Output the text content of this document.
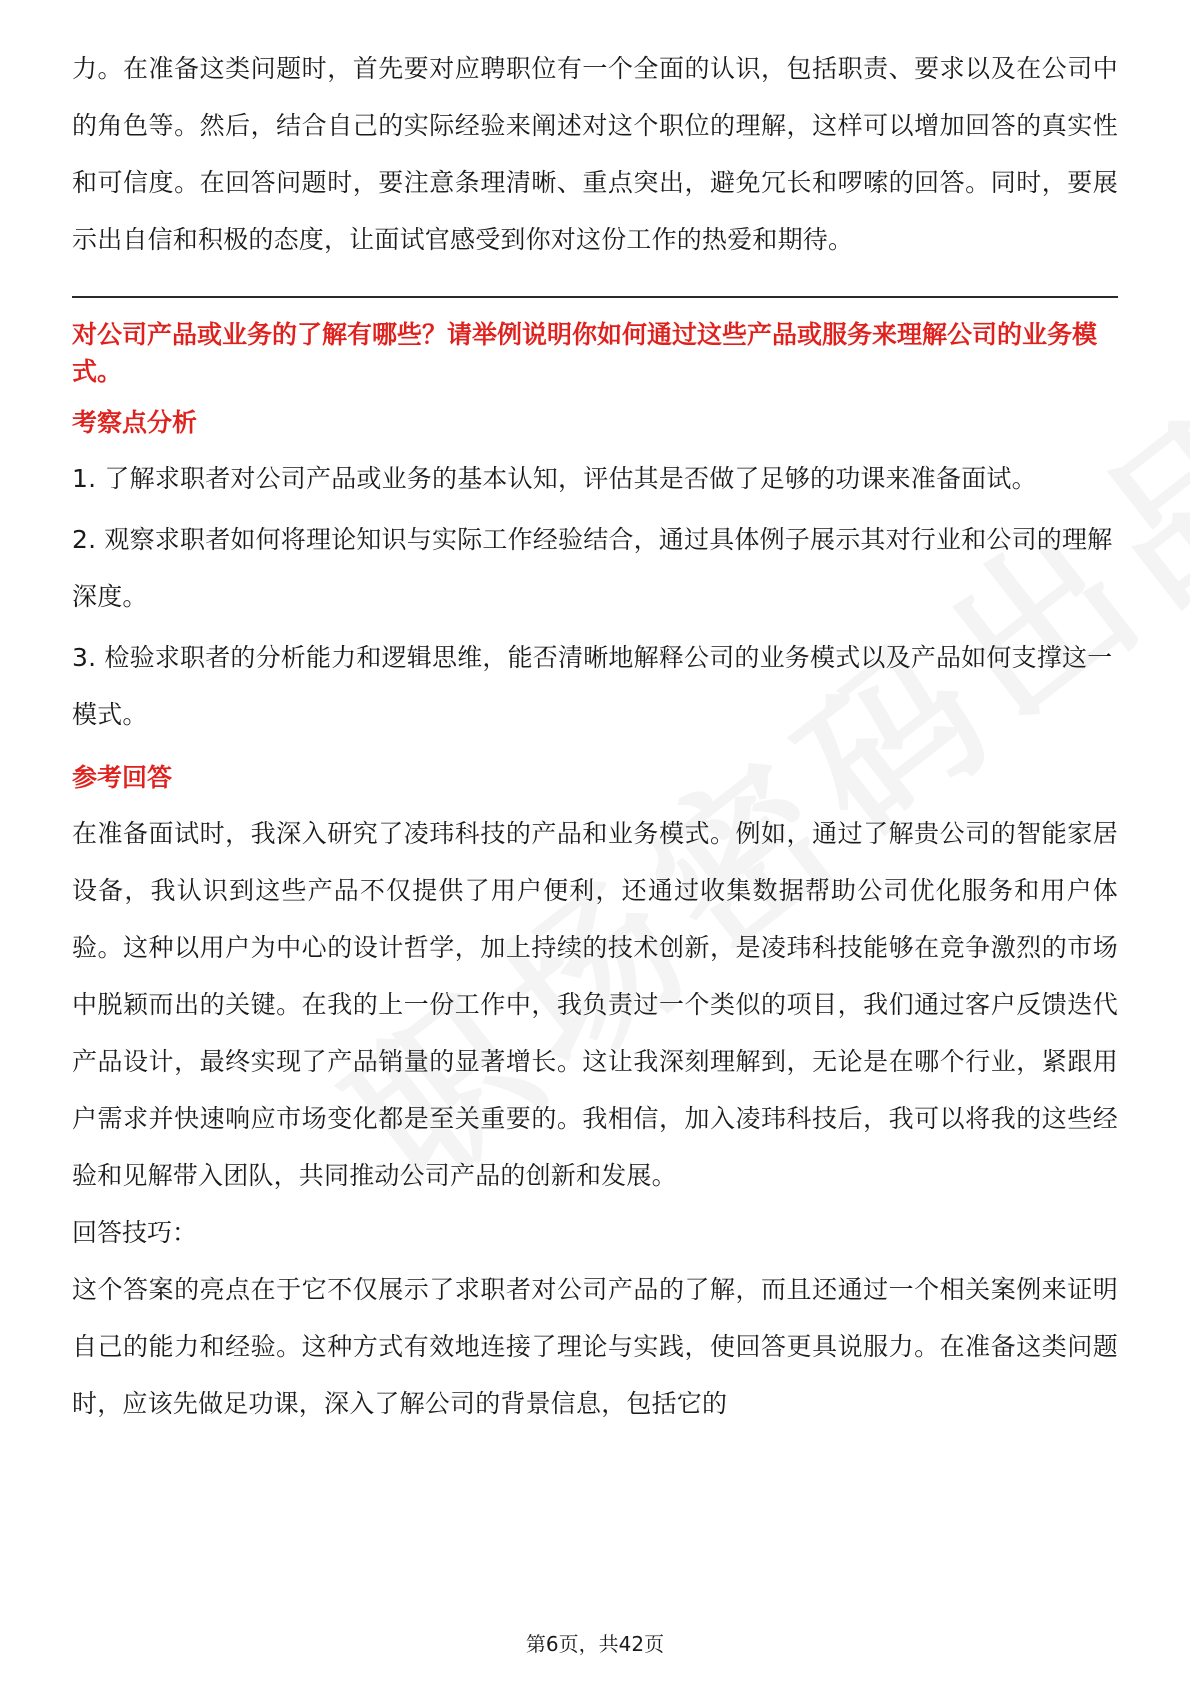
力。在准备这类问题时，首先要对应聘职位有一个全面的认识，包括职责、要求以及在公司中的角色等。然后，结合自己的实际经验来阐述对这个职位的理解，这样可以增加回答的真实性和可信度。在回答问题时，要注意条理清晰、重点突出，避免冗长和啰嗦的回答。同时，要展示出自信和积极的态度，让面试官感受到你对这份工作的热爱和期待。

对公司产品或业务的了解有哪些？请举例说明你如何通过这些产品或服务来理解公司的业务模式。

考察点分析

1. 了解求职者对公司产品或业务的基本认知，评估其是否做了足够的功课来准备面试。

2. 观察求职者如何将理论知识与实际工作经验结合，通过具体例子展示其对行业和公司的理解深度。

3. 检验求职者的分析能力和逻辑思维，能否清晰地解释公司的业务模式以及产品如何支撑这一模式。

参考回答

在准备面试时，我深入研究了凌玮科技的产品和业务模式。例如，通过了解贵公司的智能家居设备，我认识到这些产品不仅提供了用户便利，还通过收集数据帮助公司优化服务和用户体验。这种以用户为中心的设计哲学，加上持续的技术创新，是凌玮科技能够在竞争激烈的市场中脱颖而出的关键。在我的上一份工作中，我负责过一个类似的项目，我们通过客户反馈迭代产品设计，最终实现了产品销量的显著增长。这让我深刻理解到，无论是在哪个行业，紧跟用户需求并快速响应市场变化都是至关重要的。我相信，加入凌玮科技后，我可以将我的这些经验和见解带入团队，共同推动公司产品的创新和发展。

回答技巧：

这个答案的亮点在于它不仅展示了求职者对公司产品的了解，而且还通过一个相关案例来证明自己的能力和经验。这种方式有效地连接了理论与实践，使回答更具说服力。在准备这类问题时，应该先做足功课，深入了解公司的背景信息，包括它的

第6页，共42页
